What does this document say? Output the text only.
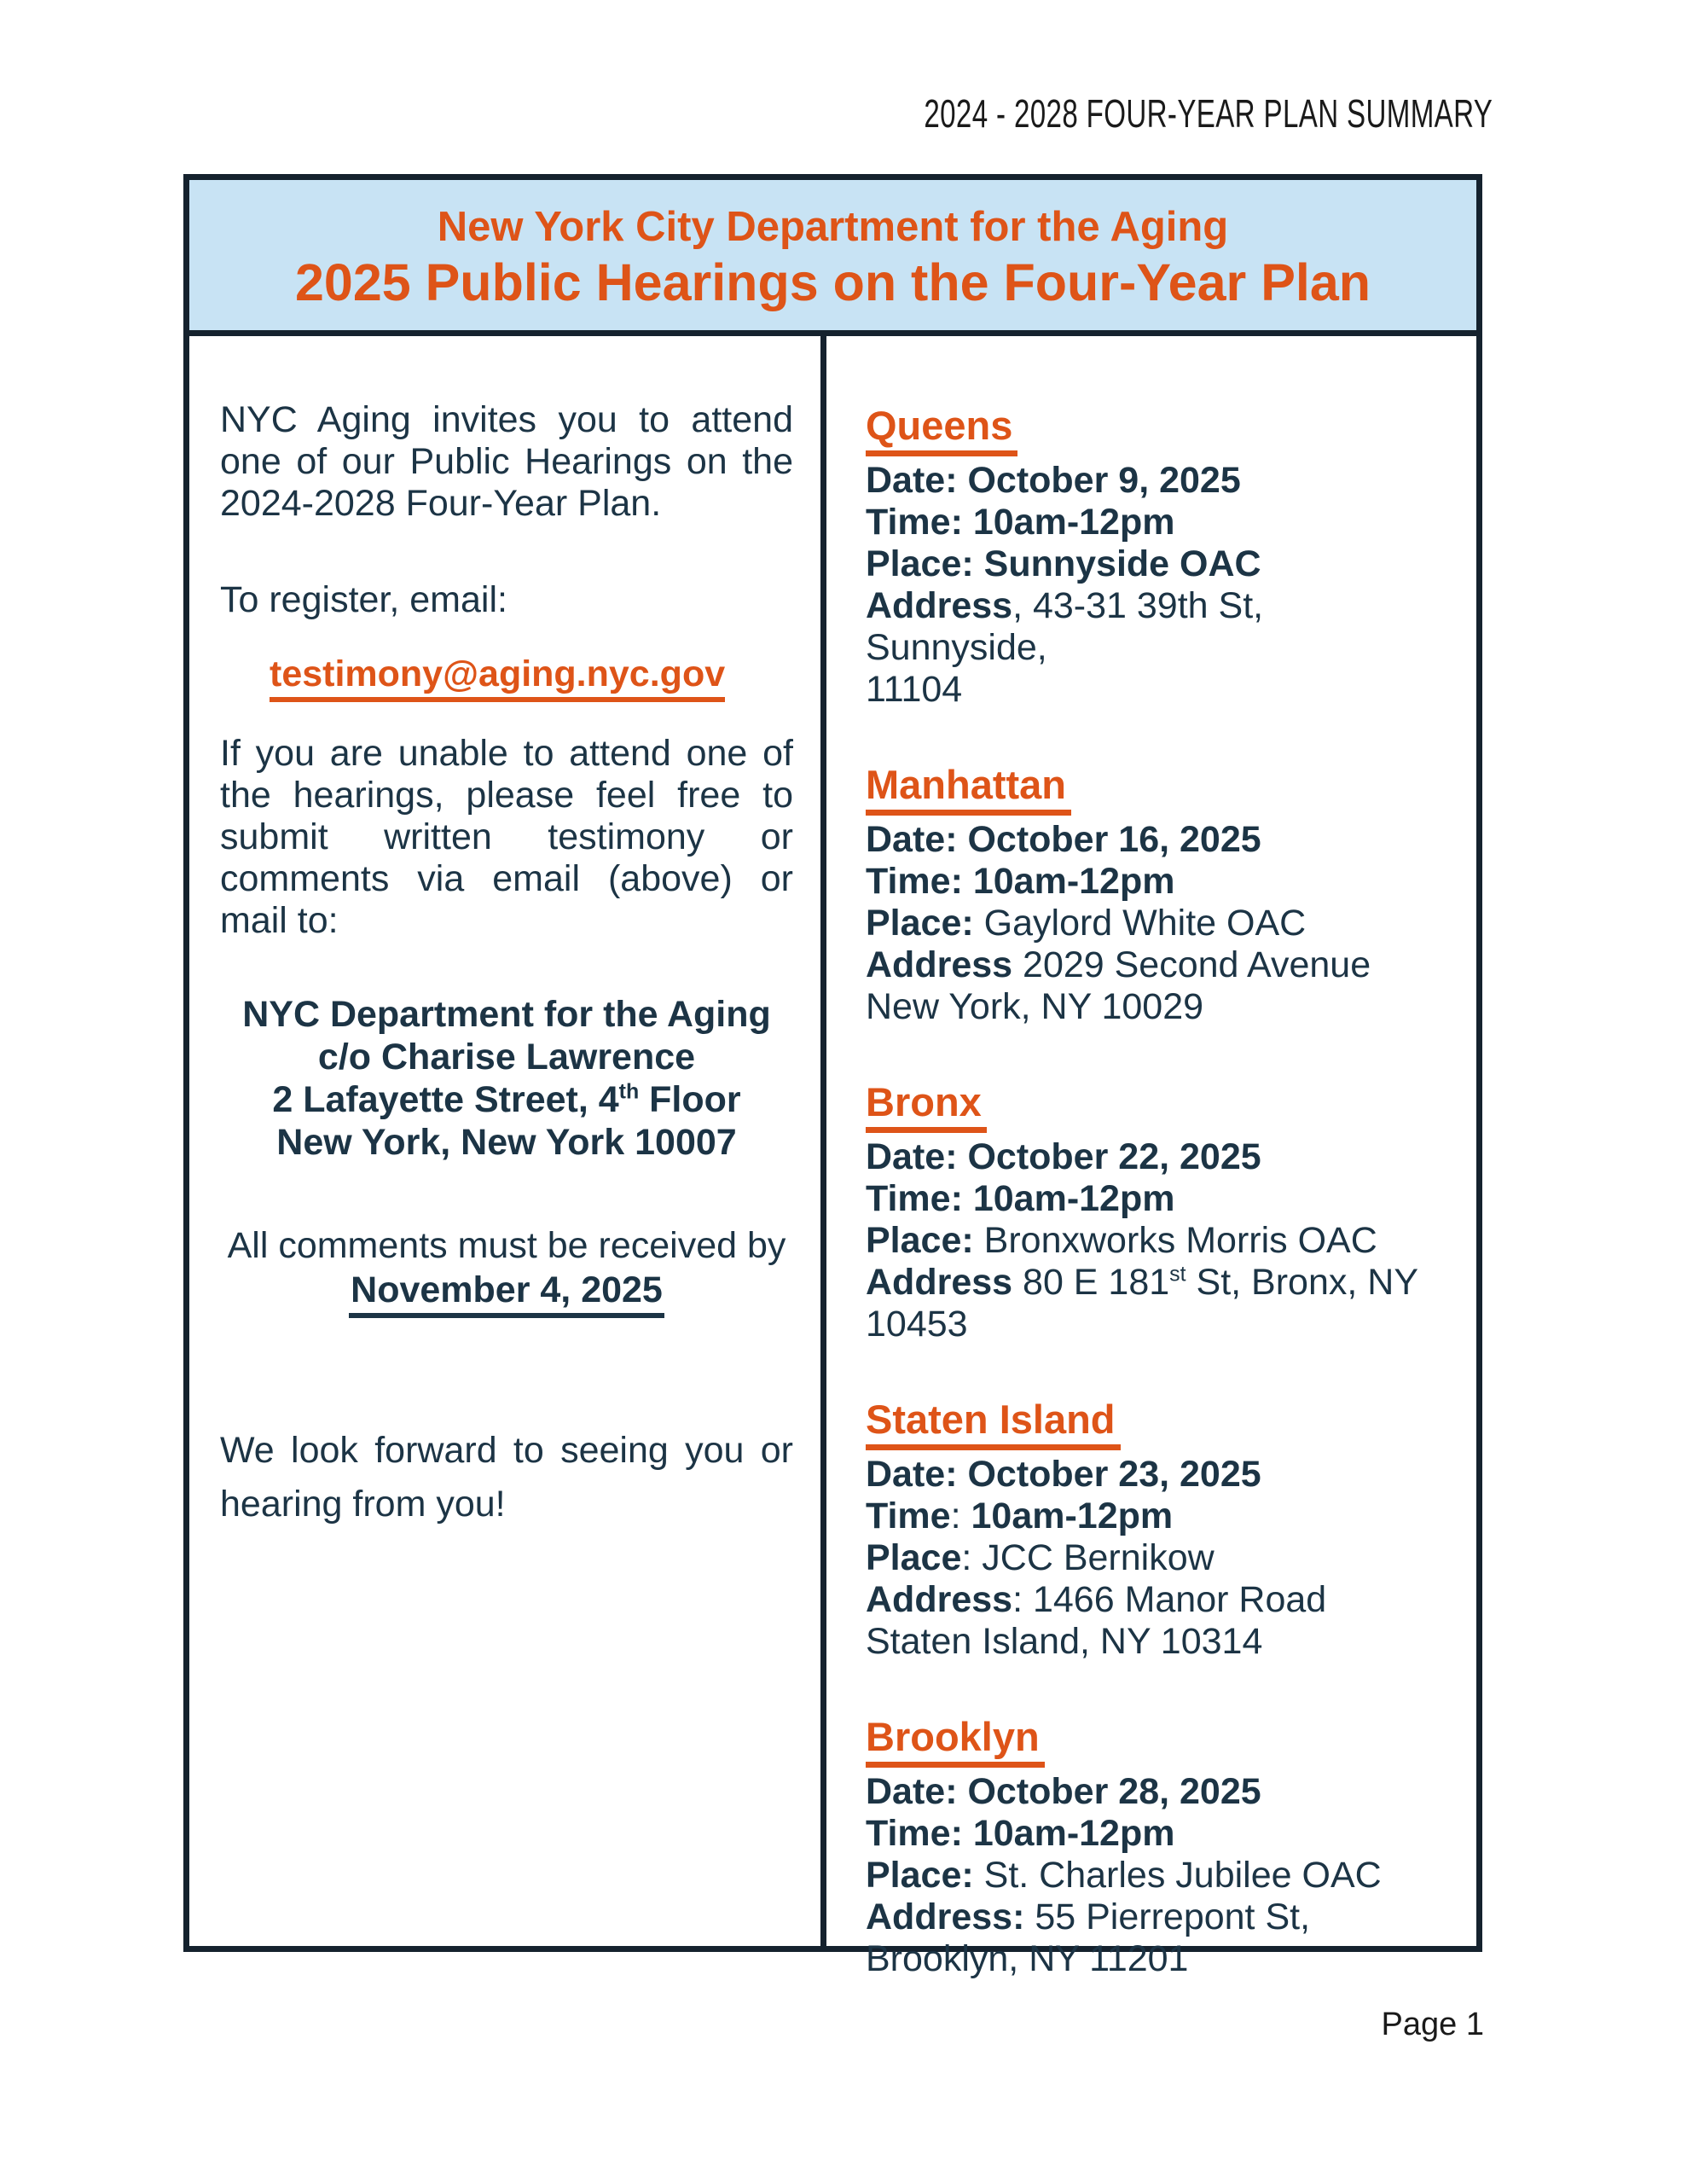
2024 - 2028 FOUR-YEAR PLAN SUMMARY
New York City Department for the Aging
2025 Public Hearings on the Four-Year Plan
NYC Aging invites you to attend
one of our Public Hearings on the
2024-2028 Four-Year Plan.
To register, email:
testimony@aging.nyc.gov
If you are unable to attend one of
the hearings, please feel free to
submit written testimony or
comments via email (above) or
mail to:
NYC Department for the Aging
c/o Charise Lawrence
2 Lafayette Street, 4th Floor
New York, New York 10007
All comments must be received by
November 4, 2025
We look forward to seeing you or
hearing from you!
Queens
Date: October 9, 2025
Time: 10am-12pm
Place: Sunnyside OAC
Address, 43-31 39th St, Sunnyside,
11104
Manhattan
Date: October 16, 2025
Time: 10am-12pm
Place: Gaylord White OAC
Address 2029 Second Avenue
New York, NY 10029
Bronx
Date: October 22, 2025
Time: 10am-12pm
Place: Bronxworks Morris OAC
Address 80 E 181st St, Bronx, NY
10453
Staten Island
Date: October 23, 2025
Time: 10am-12pm
Place: JCC Bernikow
Address: 1466 Manor Road
Staten Island, NY 10314
Brooklyn
Date: October 28, 2025
Time: 10am-12pm
Place: St. Charles Jubilee OAC
Address: 55 Pierrepont St,
Brooklyn, NY 11201
Page 1
